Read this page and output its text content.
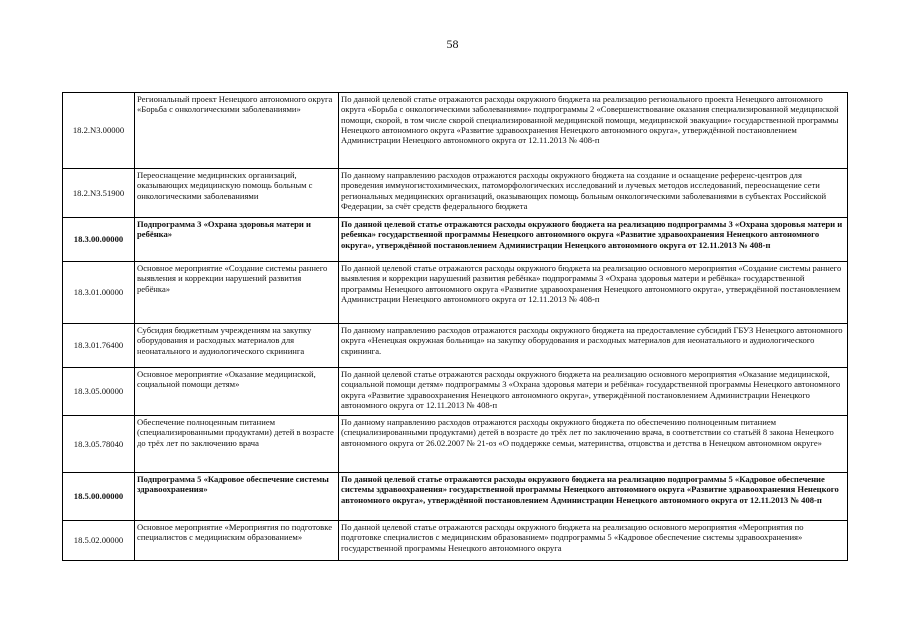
58
18.2.N3.00000	Региональный проект Ненецкого автономного округа «Борьба с онкологическими заболеваниями»	По данной целевой статье отражаются расходы окружного бюджета на реализацию регионального проекта Ненецкого автономного округа «Борьба с онкологическими заболеваниями» подпрограммы 2 «Совершенствование оказания специализированной медицинской помощи, скорой, в том числе скорой специализированной медицинской помощи, медицинской эвакуации» государственной программы Ненецкого автономного округа «Развитие здравоохранения Ненецкого автономного округа», утверждённой постановлением Администрации Ненецкого автономного округа от 12.11.2013 № 408-п
18.2.N3.51900	Переоснащение медицинских организаций, оказывающих медицинскую помощь больным с онкологическими заболеваниями	По данному направлению расходов отражаются расходы окружного бюджета на создание и оснащение референс-центров для проведения иммуногистохимических, патоморфологических исследований и лучевых методов исследований, переоснащение сети региональных медицинских организаций, оказывающих помощь больным онкологическими заболеваниями в субъектах Российской Федерации, за счёт средств федерального бюджета
18.3.00.00000	Подпрограмма 3 «Охрана здоровья матери и ребёнка»	По данной целевой статье отражаются расходы окружного бюджета на реализацию подпрограммы 3 «Охрана здоровья матери и ребенка» государственной программы Ненецкого автономного округа «Развитие здравоохранения Ненецкого автономного округа», утверждённой постановлением Администрации Ненецкого автономного округа от 12.11.2013 № 408-п
18.3.01.00000	Основное мероприятие «Создание системы раннего выявления и коррекции нарушений развития ребёнка»	По данной целевой статье отражаются расходы окружного бюджета на реализацию основного мероприятия «Создание системы раннего выявления и коррекции нарушений развития ребёнка» подпрограммы 3 «Охрана здоровья матери и ребёнка» государственной программы Ненецкого автономного округа «Развитие здравоохранения Ненецкого автономного округа», утверждённой постановлением Администрации Ненецкого автономного округа от 12.11.2013 № 408-п
18.3.01.76400	Субсидия бюджетным учреждениям на закупку оборудования и расходных материалов для неонатального и аудиологического скрининга	По данному направлению расходов отражаются расходы окружного бюджета на предоставление субсидий ГБУЗ Ненецкого автономного округа «Ненецкая окружная больница» на закупку оборудования и расходных материалов для неонатального и аудиологического скрининга.
18.3.05.00000	Основное мероприятие «Оказание медицинской, социальной помощи детям»	По данной целевой статье отражаются расходы окружного бюджета на реализацию основного мероприятия «Оказание медицинской, социальной помощи детям» подпрограммы 3 «Охрана здоровья матери и ребёнка» государственной программы Ненецкого автономного округа «Развитие здравоохранения Ненецкого автономного округа», утверждённой постановлением Администрации Ненецкого автономного округа от 12.11.2013 № 408-п
18.3.05.78040	Обеспечение полноценным питанием (специализированными продуктами) детей в возрасте до трёх лет по заключению врача	По данному направлению расходов отражаются расходы окружного бюджета по обеспечению полноценным питанием (специализированными продуктами) детей в возрасте до трёх лет по заключению врача, в соответствии со статьёй 8 закона Ненецкого автономного округа от 26.02.2007 № 21-оз «О поддержке семьи, материнства, отцовства и детства в Ненецком автономном округе»
18.5.00.00000	Подпрограмма 5 «Кадровое обеспечение системы здравоохранения»	По данной целевой статье отражаются расходы окружного бюджета на реализацию подпрограммы 5 «Кадровое обеспечение системы здравоохранения» государственной программы Ненецкого автономного округа «Развитие здравоохранения Ненецкого автономного округа», утверждённой постановлением Администрации Ненецкого автономного округа от 12.11.2013 № 408-п
18.5.02.00000	Основное мероприятие «Мероприятия по подготовке специалистов с медицинским образованием»	По данной целевой статье отражаются расходы окружного бюджета на реализацию основного мероприятия «Мероприятия по подготовке специалистов с медицинским образованием» подпрограммы 5 «Кадровое обеспечение системы здравоохранения» государственной программы Ненецкого автономного округа
